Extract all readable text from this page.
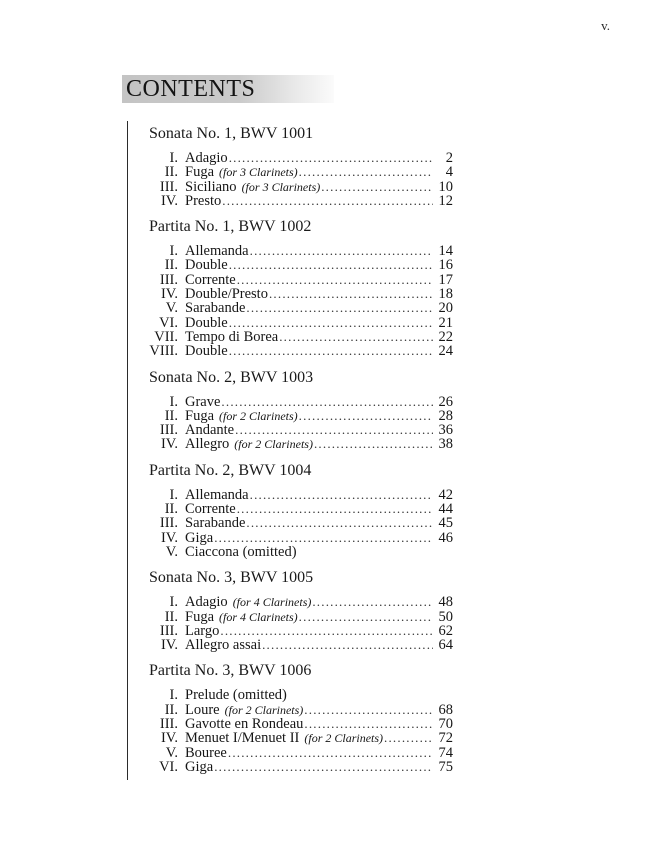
v.
CONTENTS
Sonata No. 1, BWV 1001
I. Adagio .....	2
II. Fuga (for 3 Clarinets) .....	4
III. Siciliano (for 3 Clarinets) .....	10
IV. Presto .....	12
Partita No. 1, BWV 1002
I. Allemanda .....	14
II. Double .....	16
III. Corrente .....	17
IV. Double/Presto .....	18
V. Sarabande .....	20
VI. Double .....	21
VII. Tempo di Borea .....	22
VIII. Double .....	24
Sonata No. 2, BWV 1003
I. Grave .....	26
II. Fuga (for 2 Clarinets) .....	28
III. Andante .....	36
IV. Allegro (for 2 Clarinets) .....	38
Partita No. 2, BWV 1004
I. Allemanda .....	42
II. Corrente .....	44
III. Sarabande .....	45
IV. Giga .....	46
V. Ciaccona (omitted)
Sonata No. 3, BWV 1005
I. Adagio (for 4 Clarinets) .....	48
II. Fuga (for 4 Clarinets) .....	50
III. Largo .....	62
IV. Allegro assai .....	64
Partita No. 3, BWV 1006
I. Prelude (omitted)
II. Loure (for 2 Clarinets) .....	68
III. Gavotte en Rondeau .....	70
IV. Menuet I/Menuet II (for 2 Clarinets) .....	72
V. Bouree .....	74
VI. Giga .....	75
